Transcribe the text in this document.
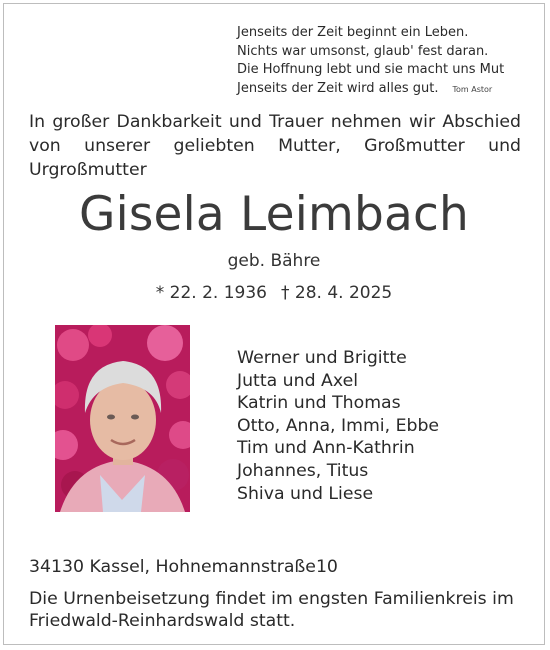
Jenseits der Zeit beginnt ein Leben.
Nichts war umsonst, glaub' fest daran.
Die Hoffnung lebt und sie macht uns Mut
Jenseits der Zeit wird alles gut. Tom Astor
In großer Dankbarkeit und Trauer nehmen wir Abschied von unserer geliebten Mutter, Großmutter und Urgroßmutter
Gisela Leimbach
geb. Bähre
* 22. 2. 1936 † 28. 4. 2025
Werner und Brigitte
Jutta und Axel
Katrin und Thomas
Otto, Anna, Immi, Ebbe
Tim und Ann-Kathrin
Johannes, Titus
Shiva und Liese
34130 Kassel, Hohnemannstraße10
Die Urnenbeisetzung findet im engsten Familienkreis im Friedwald-Reinhardswald statt.
